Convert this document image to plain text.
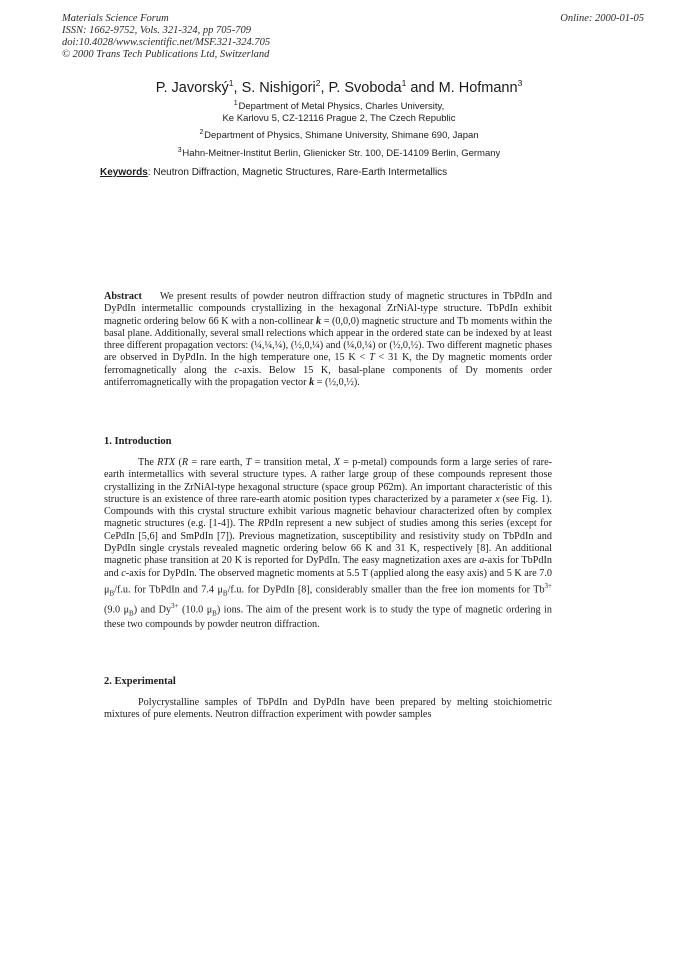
Materials Science Forum
ISSN: 1662-9752, Vols. 321-324, pp 705-709
doi:10.4028/www.scientific.net/MSF.321-324.705
© 2000 Trans Tech Publications Ltd, Switzerland
Online: 2000-01-05
P. Javorský$^1$, S. Nishigori$^2$, P. Svoboda$^1$ and M. Hofmann$^3$
$^1$ Department of Metal Physics, Charles University,
Ke Karlovu 5, CZ-12116 Prague 2, The Czech Republic
$^2$ Department of Physics, Shimane University, Shimane 690, Japan
$^3$ Hahn-Meitner-Institut Berlin, Glienicker Str. 100, DE-14109 Berlin, Germany
Keywords: Neutron Diffraction, Magnetic Structures, Rare-Earth Intermetallics
Abstract We present results of powder neutron diffraction study of magnetic structures in TbPdIn and DyPdIn intermetallic compounds crystallizing in the hexagonal ZrNiAl-type structure. TbPdIn exhibit magnetic ordering below 66 K with a non-collinear k = (0,0,0) magnetic structure and Tb moments within the basal plane. Additionally, several small relections which appear in the ordered state can be indexed by at least three different propagation vectors: (¼,¼,¼), (½,0,¼) and (¼,0,¼) or (½,0,½). Two different magnetic phases are observed in DyPdIn. In the high temperature one, 15 K < T < 31 K, the Dy magnetic moments order ferromagnetically along the c-axis. Below 15 K, basal-plane components of Dy moments order antiferromagnetically with the propagation vector k = (½,0,½).
1. Introduction
The RTX (R = rare earth, T = transition metal, X = p-metal) compounds form a large series of rare-earth intermetallics with several structure types. A rather large group of these compounds represent those crystallizing in the ZrNiAl-type hexagonal structure (space group P6̄2m). An important characteristic of this structure is an existence of three rare-earth atomic position types characterized by a parameter x (see Fig. 1). Compounds with this crystal structure exhibit various magnetic behaviour characterized often by complex magnetic structures (e.g. [1-4]). The RPdIn represent a new subject of studies among this series (except for CePdIn [5,6] and SmPdIn [7]). Previous magnetization, susceptibility and resistivity study on TbPdIn and DyPdIn single crystals revealed magnetic ordering below 66 K and 31 K, respectively [8]. An additional magnetic phase transition at 20 K is reported for DyPdIn. The easy magnetization axes are a-axis for TbPdIn and c-axis for DyPdIn. The observed magnetic moments at 5.5 T (applied along the easy axis) and 5 K are 7.0 $\mu_B/f.u$. for TbPdIn and 7.4 $\mu_B/f.u$. for DyPdIn [8], considerably smaller than the free ion moments for $Tb^{3+}$ (9.0 $\mu_B$) and $Dy^{3+}$ (10.0 $\mu_B$) ions. The aim of the present work is to study the type of magnetic ordering in these two compounds by powder neutron diffraction.
2. Experimental
Polycrystalline samples of TbPdIn and DyPdIn have been prepared by melting stoichiometric mixtures of pure elements. Neutron diffraction experiment with powder samples
